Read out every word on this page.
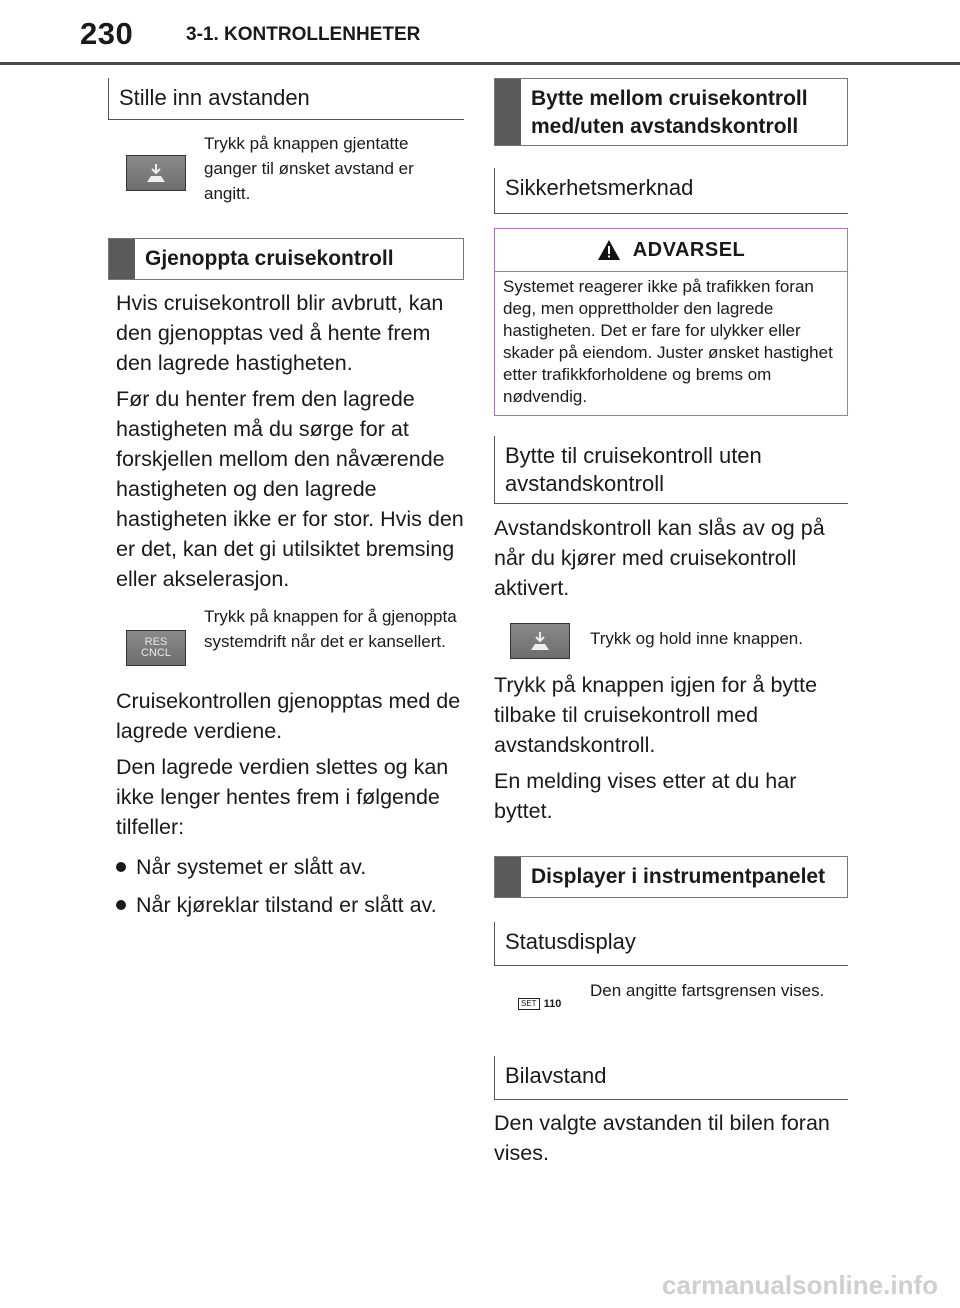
230	3-1. KONTROLLENHETER
Stille inn avstanden
Trykk på knappen gjentatte ganger til ønsket avstand er angitt.
Gjenoppta cruisekontroll

Hvis cruisekontroll blir avbrutt, kan den gjenopptas ved å hente frem den lagrede hastigheten.

Før du henter frem den lagrede hastigheten må du sørge for at forskjellen mellom den nåværende hastigheten og den lagrede hastigheten ikke er for stor. Hvis den er det, kan det gi utilsiktet bremsing eller akselerasjon.

RES
CNCL
Trykk på knappen for å gjenoppta systemdrift når det er kansellert.

Cruisekontrollen gjenopptas med de lagrede verdiene.

Den lagrede verdien slettes og kan ikke lenger hentes frem i følgende tilfeller:

Når systemet er slått av.
Når kjøreklar tilstand er slått av.
Bytte mellom cruisekontroll med/uten avstandskontroll
Sikkerhetsmerknad
ADVARSEL
Systemet reagerer ikke på trafikken foran deg, men opprettholder den lagrede hastigheten. Det er fare for ulykker eller skader på eiendom. Juster ønsket hastighet etter trafikkforholdene og brems om nødvendig.
Bytte til cruisekontroll uten avstandskontroll

Avstandskontroll kan slås av og på når du kjører med cruisekontroll aktivert.

Trykk og hold inne knappen.

Trykk på knappen igjen for å bytte tilbake til cruisekontroll med avstandskontroll.

En melding vises etter at du har byttet.

Displayer i instrumentpanelet
Statusdisplay
SET 110
Den angitte fartsgrensen vises.
Bilavstand

Den valgte avstanden til bilen foran vises.

carmanualsonline.info
